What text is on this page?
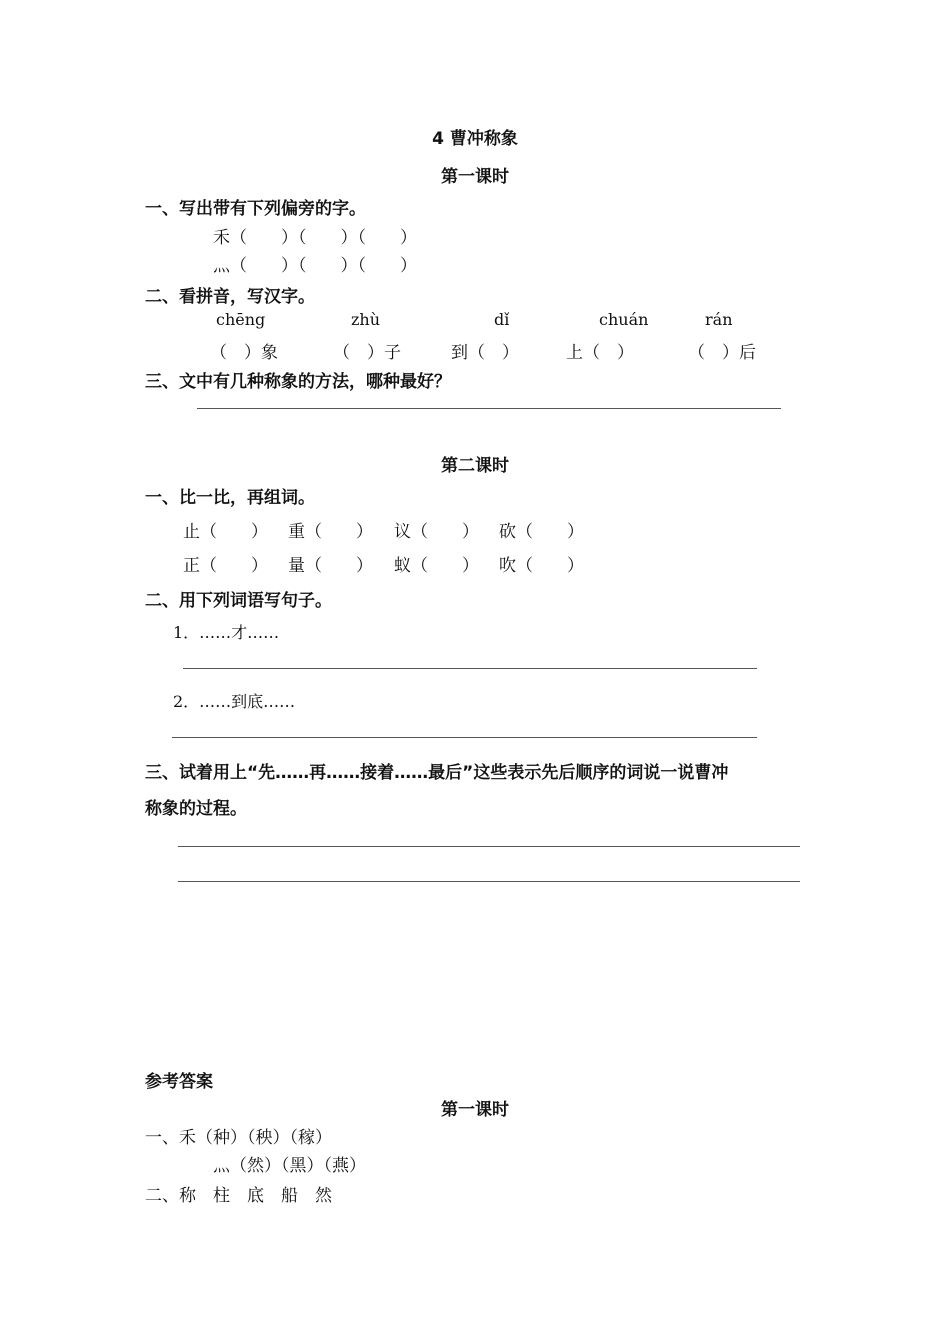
4 曹冲称象
第一课时
一、写出带有下列偏旁的字。
禾（　　）（　　）（　　）
灬（　　）（　　）（　　）
二、看拼音，写汉字。
chēng	zhù	dǐ	chuán	rán
（　）象	（　）子	到（　）	上（　）	（　）后
三、文中有几种称象的方法，哪种最好？
第二课时
一、比一比，再组词。
止（　　） 重（　　） 议（　　） 砍（　　）
正（　　） 量（　　） 蚁（　　） 吹（　　）
二、用下列词语写句子。
1．……才……
2．……到底……
三、试着用上“先……再……接着……最后”这些表示先后顺序的词说一说曹冲
称象的过程。
参考答案
第一课时
一、禾（种）（秧）（稼）
灬（然）（黑）（燕）
二、称　柱　底　船　然
